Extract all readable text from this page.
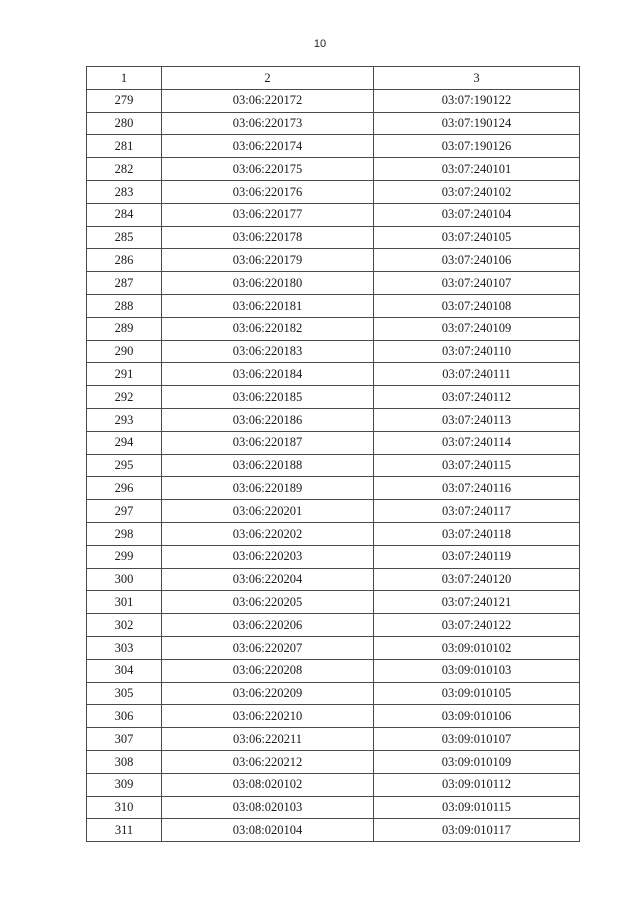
10
1	2	3
279	03:06:220172	03:07:190122
280	03:06:220173	03:07:190124
281	03:06:220174	03:07:190126
282	03:06:220175	03:07:240101
283	03:06:220176	03:07:240102
284	03:06:220177	03:07:240104
285	03:06:220178	03:07:240105
286	03:06:220179	03:07:240106
287	03:06:220180	03:07:240107
288	03:06:220181	03:07:240108
289	03:06:220182	03:07:240109
290	03:06:220183	03:07:240110
291	03:06:220184	03:07:240111
292	03:06:220185	03:07:240112
293	03:06:220186	03:07:240113
294	03:06:220187	03:07:240114
295	03:06:220188	03:07:240115
296	03:06:220189	03:07:240116
297	03:06:220201	03:07:240117
298	03:06:220202	03:07:240118
299	03:06:220203	03:07:240119
300	03:06:220204	03:07:240120
301	03:06:220205	03:07:240121
302	03:06:220206	03:07:240122
303	03:06:220207	03:09:010102
304	03:06:220208	03:09:010103
305	03:06:220209	03:09:010105
306	03:06:220210	03:09:010106
307	03:06:220211	03:09:010107
308	03:06:220212	03:09:010109
309	03:08:020102	03:09:010112
310	03:08:020103	03:09:010115
311	03:08:020104	03:09:010117
